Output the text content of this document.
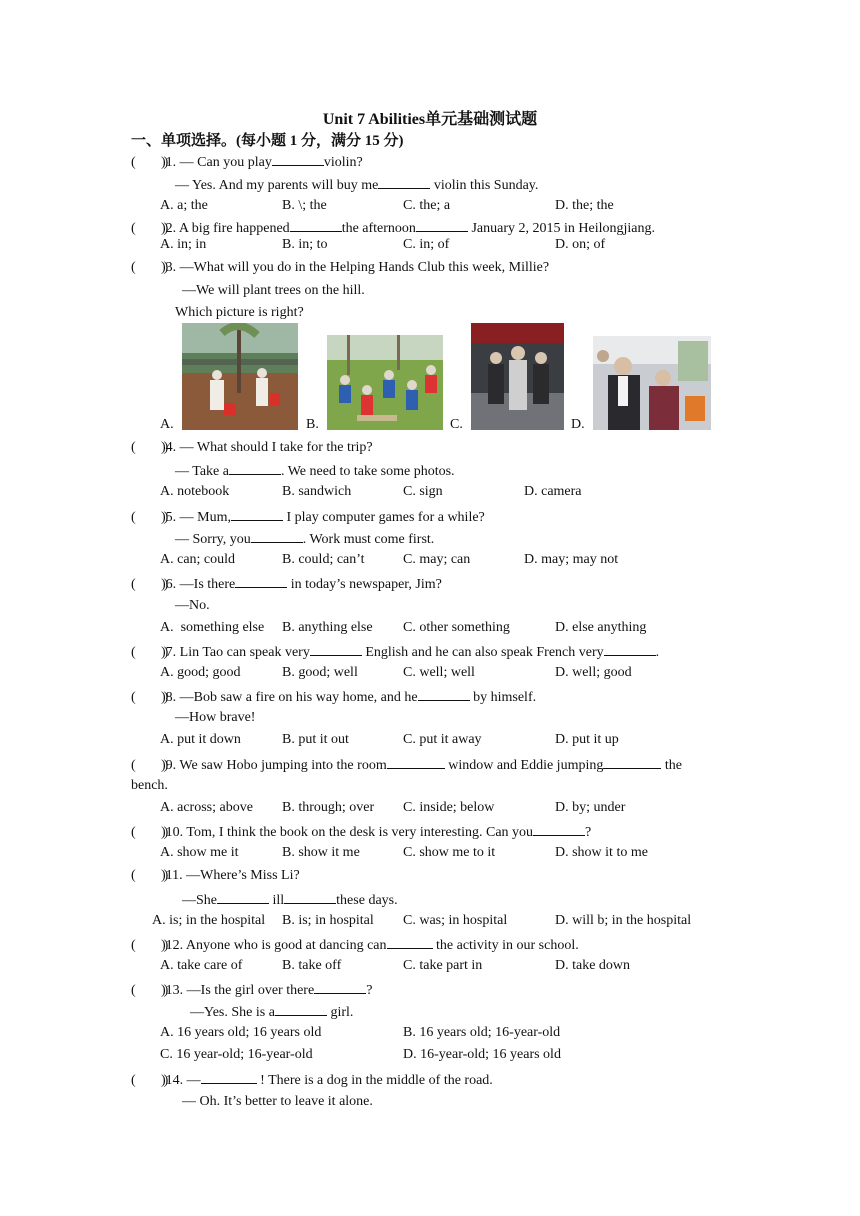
Unit 7 Abilities单元基础测试题
一、单项选择。(每小题 1 分，满分 15 分)
(        ))1. — Can you play	violin?
— Yes. And my parents will buy me	violin this Sunday.
A. a; the	B. \; the	C. the; a	D. the; the
(        ))2. A big fire happened	the afternoon	January 2, 2015 in Heilongjiang.
A. in; in	B. in; to	C. in; of	D. on; of
(        ))3. —What will you do in the Helping Hands Club this week, Millie?
—We will plant trees on the hill.
Which picture is right?
A.	B.	C.	D.
(        ))4. — What should I take for the trip?
— Take a	. We need to take some photos.
A. notebook	B. sandwich	C. sign	D. camera
(        ))5. — Mum,	I play computer games for a while?
— Sorry, you	. Work must come first.
A. can; could	B. could; can’t	C. may; can	D. may; may not
(        ))6. —Is there	in today’s newspaper, Jim?
—No.
A.  something else B. anything else C. other something	D. else anything
(        ))7. Lin Tao can speak very	English and he can also speak French very	.
A. good; good	B. good; well	C. well; well	D. well; good
(        ))8. —Bob saw a fire on his way home, and he	by himself.
—How brave!
A. put it down	B. put it out	C. put it away	D. put it up
(        ))9. We saw Hobo jumping into the room	window and Eddie jumping	the
bench.
A. across; above B. through; over C. inside; below	D. by; under
(        ))10. Tom, I think the book on the desk is very interesting. Can you	?
A. show me it	B. show it me	C. show me to it	D. show it to me
(        ))11. —Where’s Miss Li?
—She	ill	these days.
A. is; in the hospital B. is; in hospital C. was; in hospital	D. will b; in the hospital
(        ))12. Anyone who is good at dancing can	the activity in our school.
A. take care of	B. take off	C. take part in	D. take down
(        ))13. —Is the girl over there	?
—Yes. She is a	girl.
A. 16 years old; 16 years old	B. 16 years old; 16-year-old
C. 16 year-old; 16-year-old	D. 16-year-old; 16 years old
(        ))14. —	! There is a dog in the middle of the road.
— Oh. It’s better to leave it alone.
